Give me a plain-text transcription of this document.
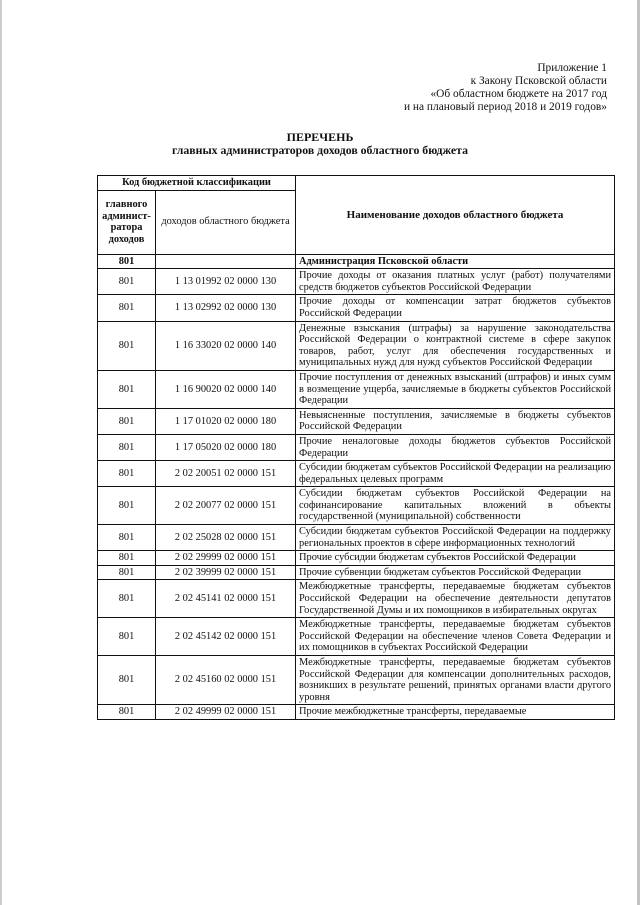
Приложение 1
к Закону Псковской области
«Об областном бюджете на 2017 год
и на плановый период 2018 и 2019 годов»
ПЕРЕЧЕНЬ
главных администраторов доходов областного бюджета
Код бюджетной классификации		Наименование доходов областного бюджета
главного админист-ратора доходов	доходов областного бюджета	
801		Администрация Псковской области
801	1 13 01992 02 0000 130	Прочие доходы от оказания платных услуг (работ) получателями средств бюджетов субъектов Российской Федерации
801	1 13 02992 02 0000 130	Прочие доходы от компенсации затрат бюджетов субъектов Российской Федерации
801	1 16 33020 02 0000 140	Денежные взыскания (штрафы) за нарушение законодательства Российской Федерации о контрактной системе в сфере закупок товаров, работ, услуг для обеспечения государственных и муниципальных нужд для нужд субъектов Российской Федерации
801	1 16 90020 02 0000 140	Прочие поступления от денежных взысканий (штрафов) и иных сумм в возмещение ущерба, зачисляемые в бюджеты субъектов Российской Федерации
801	1 17 01020 02 0000 180	Невыясненные поступления, зачисляемые в бюджеты субъектов Российской Федерации
801	1 17 05020 02 0000 180	Прочие неналоговые доходы бюджетов субъектов Российской Федерации
801	2 02 20051 02 0000 151	Субсидии бюджетам субъектов Российской Федерации на реализацию федеральных целевых программ
801	2 02 20077 02 0000 151	Субсидии бюджетам субъектов Российской Федерации на софинансирование капитальных вложений в объекты государственной (муниципальной) собственности
801	2 02 25028 02 0000 151	Субсидии бюджетам субъектов Российской Федерации на поддержку региональных проектов в сфере информационных технологий
801	2 02 29999 02 0000 151	Прочие субсидии бюджетам субъектов Российской Федерации
801	2 02 39999 02 0000 151	Прочие субвенции бюджетам субъектов Российской Федерации
801	2 02 45141 02 0000 151	Межбюджетные трансферты, передаваемые бюджетам субъектов Российской Федерации на обеспечение деятельности депутатов Государственной Думы и их помощников в избирательных округах
801	2 02 45142 02 0000 151	Межбюджетные трансферты, передаваемые бюджетам субъектов Российской Федерации на обеспечение членов Совета Федерации и их помощников в субъектах Российской Федерации
801	2 02 45160 02 0000 151	Межбюджетные трансферты, передаваемые бюджетам субъектов Российской Федерации для компенсации дополнительных расходов, возникших в результате решений, принятых органами власти другого уровня
801	2 02 49999 02 0000 151	Прочие межбюджетные трансферты, передаваемые
